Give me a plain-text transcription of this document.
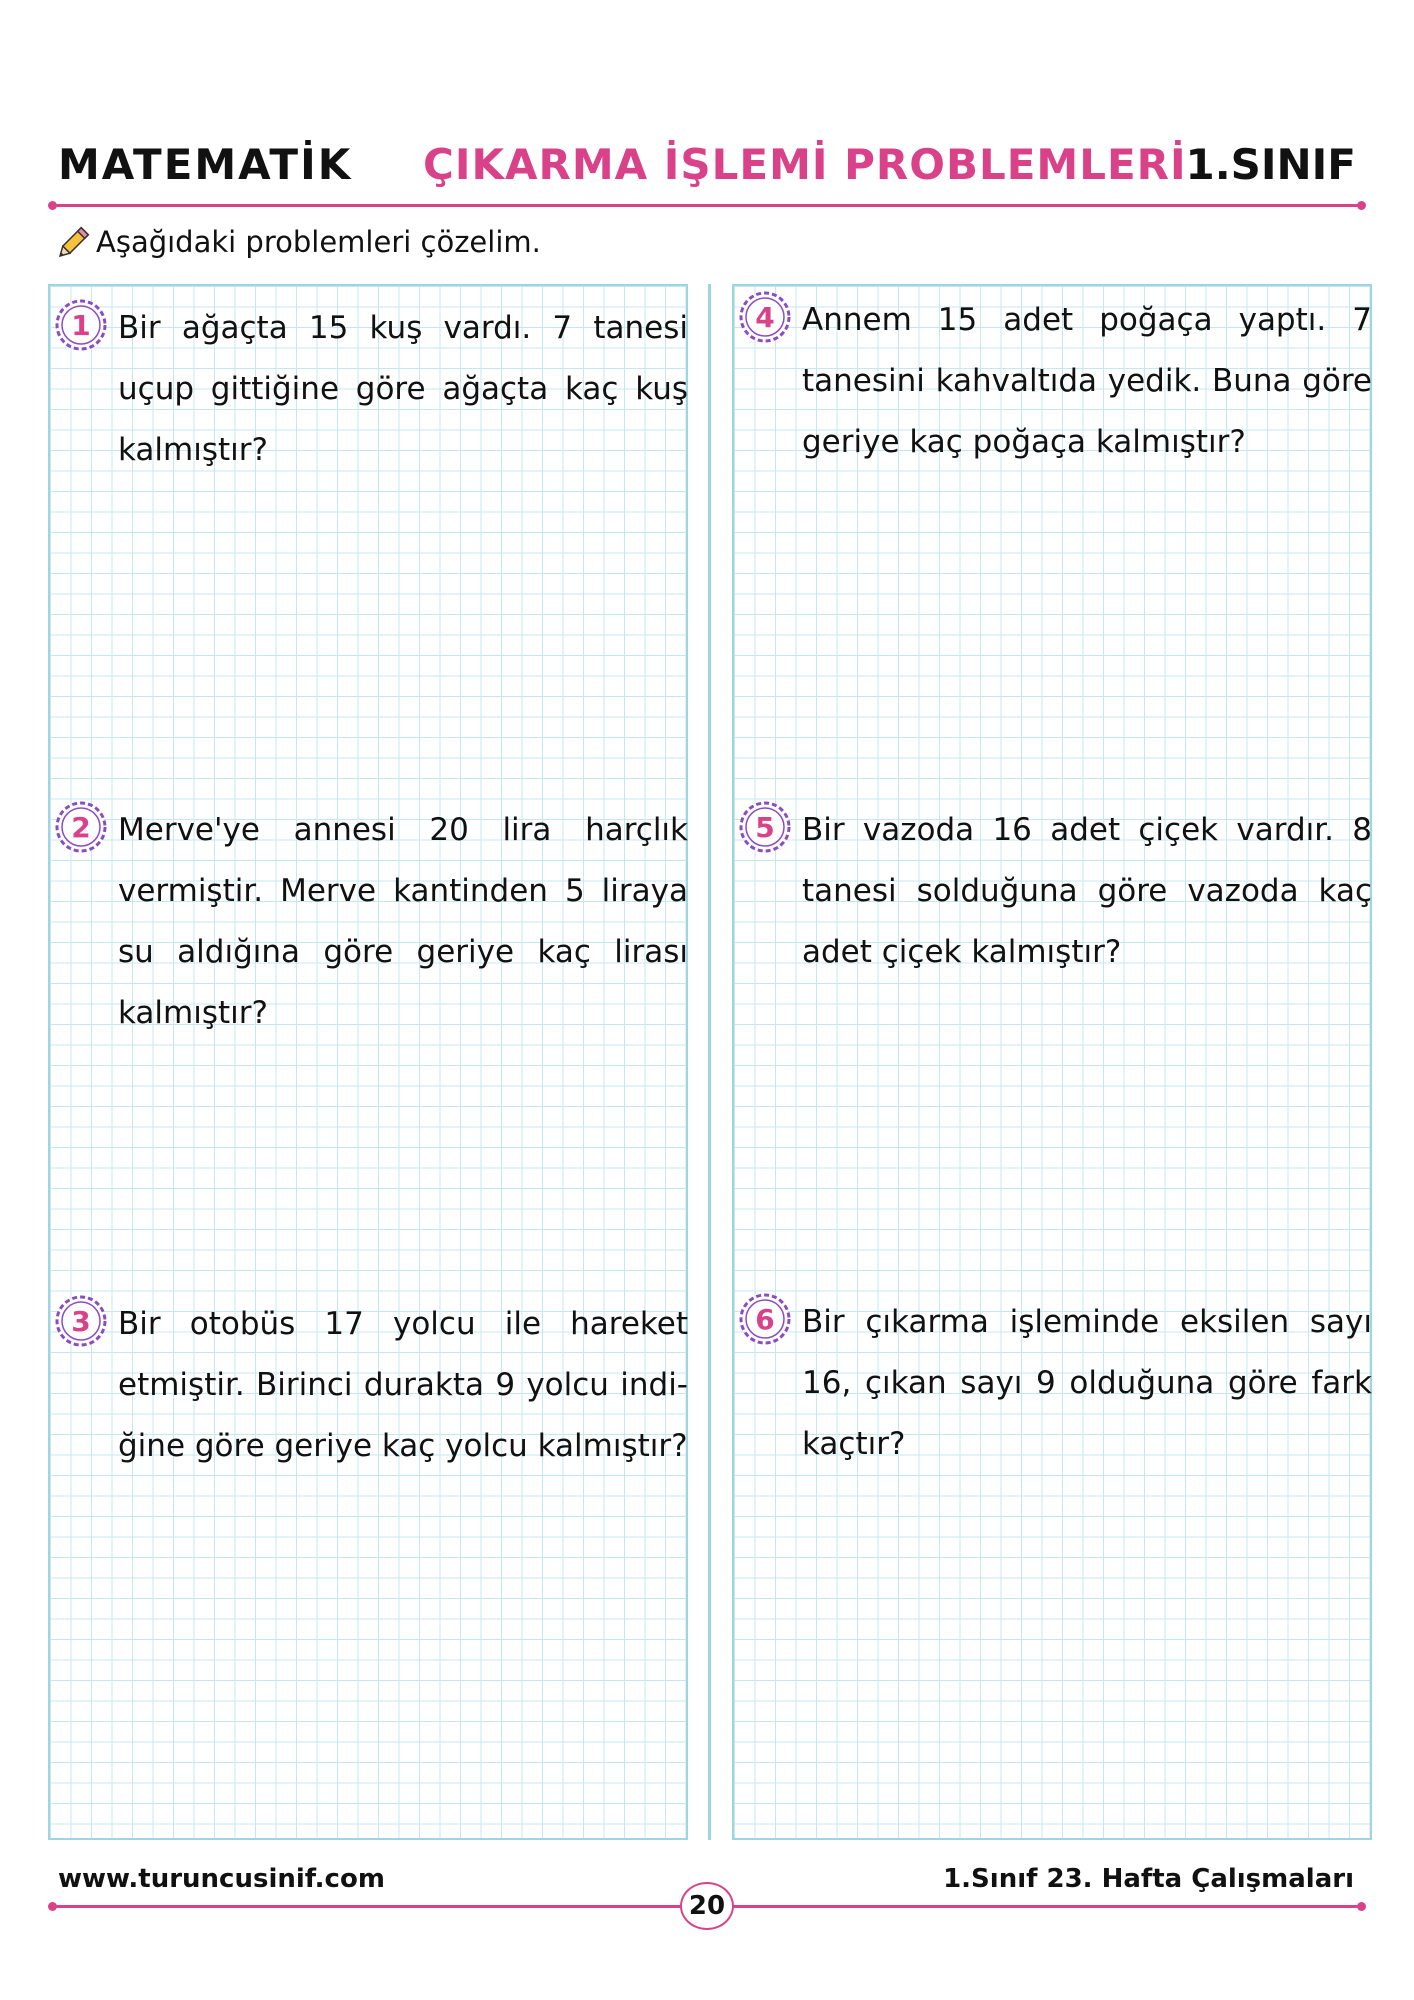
MATEMATİK ÇIKARMA İŞLEMİ PROBLEMLERİ
1.SINIF
Aşağıdaki problemleri çözelim.
1 Bir ağaçta 15 kuş vardı. 7 tanesi uçup gittiğine göre ağaçta kaç kuş kalmıştır?
2 Merve'ye annesi 20 lira harçlık vermiştir. Merve kantinden 5 liraya su aldığına göre geriye kaç lirası kalmıştır?
3 Bir otobüs 17 yolcu ile hareket etmiştir. Birinci durakta 9 yolcu indi-ğine göre geriye kaç yolcu kalmıştır?
4 Annem 15 adet poğaça yaptı. 7 tanesini kahvaltıda yedik. Buna göre geriye kaç poğaça kalmıştır?
5 Bir vazoda 16 adet çiçek vardır. 8 tanesi solduğuna göre vazoda kaç adet çiçek kalmıştır?
6 Bir çıkarma işleminde eksilen sayı 16, çıkan sayı 9 olduğuna göre fark kaçtır?
www.turuncusinif.com	1.Sınıf 23. Hafta Çalışmaları
20
